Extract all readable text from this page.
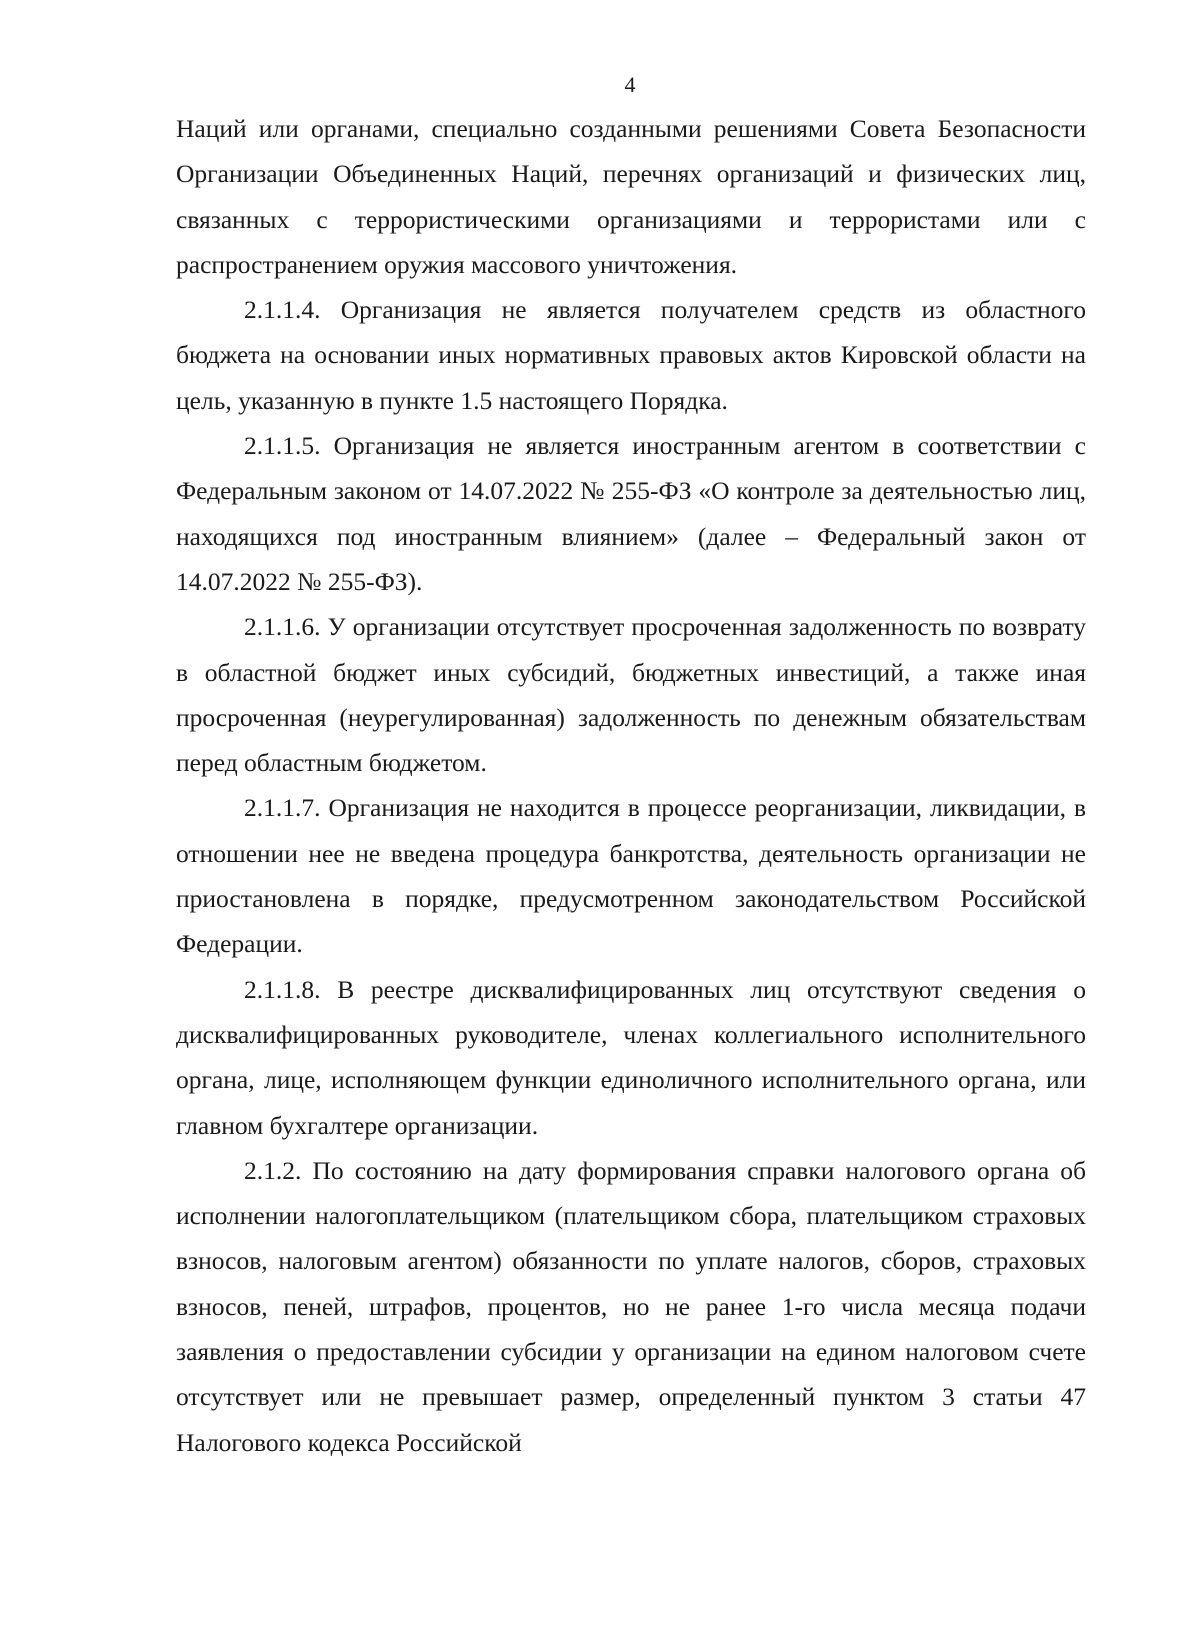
4

Наций или органами, специально созданными решениями Совета Безопасности Организации Объединенных Наций, перечнях организаций и физических лиц, связанных с террористическими организациями и террористами или с распространением оружия массового уничтожения.

2.1.1.4. Организация не является получателем средств из областного бюджета на основании иных нормативных правовых актов Кировской области на цель, указанную в пункте 1.5 настоящего Порядка.

2.1.1.5. Организация не является иностранным агентом в соответствии с Федеральным законом от 14.07.2022 № 255-ФЗ «О контроле за деятельностью лиц, находящихся под иностранным влиянием» (далее – Федеральный закон от 14.07.2022 № 255-ФЗ).

2.1.1.6. У организации отсутствует просроченная задолженность по возврату в областной бюджет иных субсидий, бюджетных инвестиций, а также иная просроченная (неурегулированная) задолженность по денежным обязательствам перед областным бюджетом.

2.1.1.7. Организация не находится в процессе реорганизации, ликвидации, в отношении нее не введена процедура банкротства, деятельность организации не приостановлена в порядке, предусмотренном законодательством Российской Федерации.

2.1.1.8. В реестре дисквалифицированных лиц отсутствуют сведения о дисквалифицированных руководителе, членах коллегиального исполнительного органа, лице, исполняющем функции единоличного исполнительного органа, или главном бухгалтере организации.

2.1.2. По состоянию на дату формирования справки налогового органа об исполнении налогоплательщиком (плательщиком сбора, плательщиком страховых взносов, налоговым агентом) обязанности по уплате налогов, сборов, страховых взносов, пеней, штрафов, процентов, но не ранее 1-го числа месяца подачи заявления о предоставлении субсидии у организации на едином налоговом счете отсутствует или не превышает размер, определенный пунктом 3 статьи 47 Налогового кодекса Российской
